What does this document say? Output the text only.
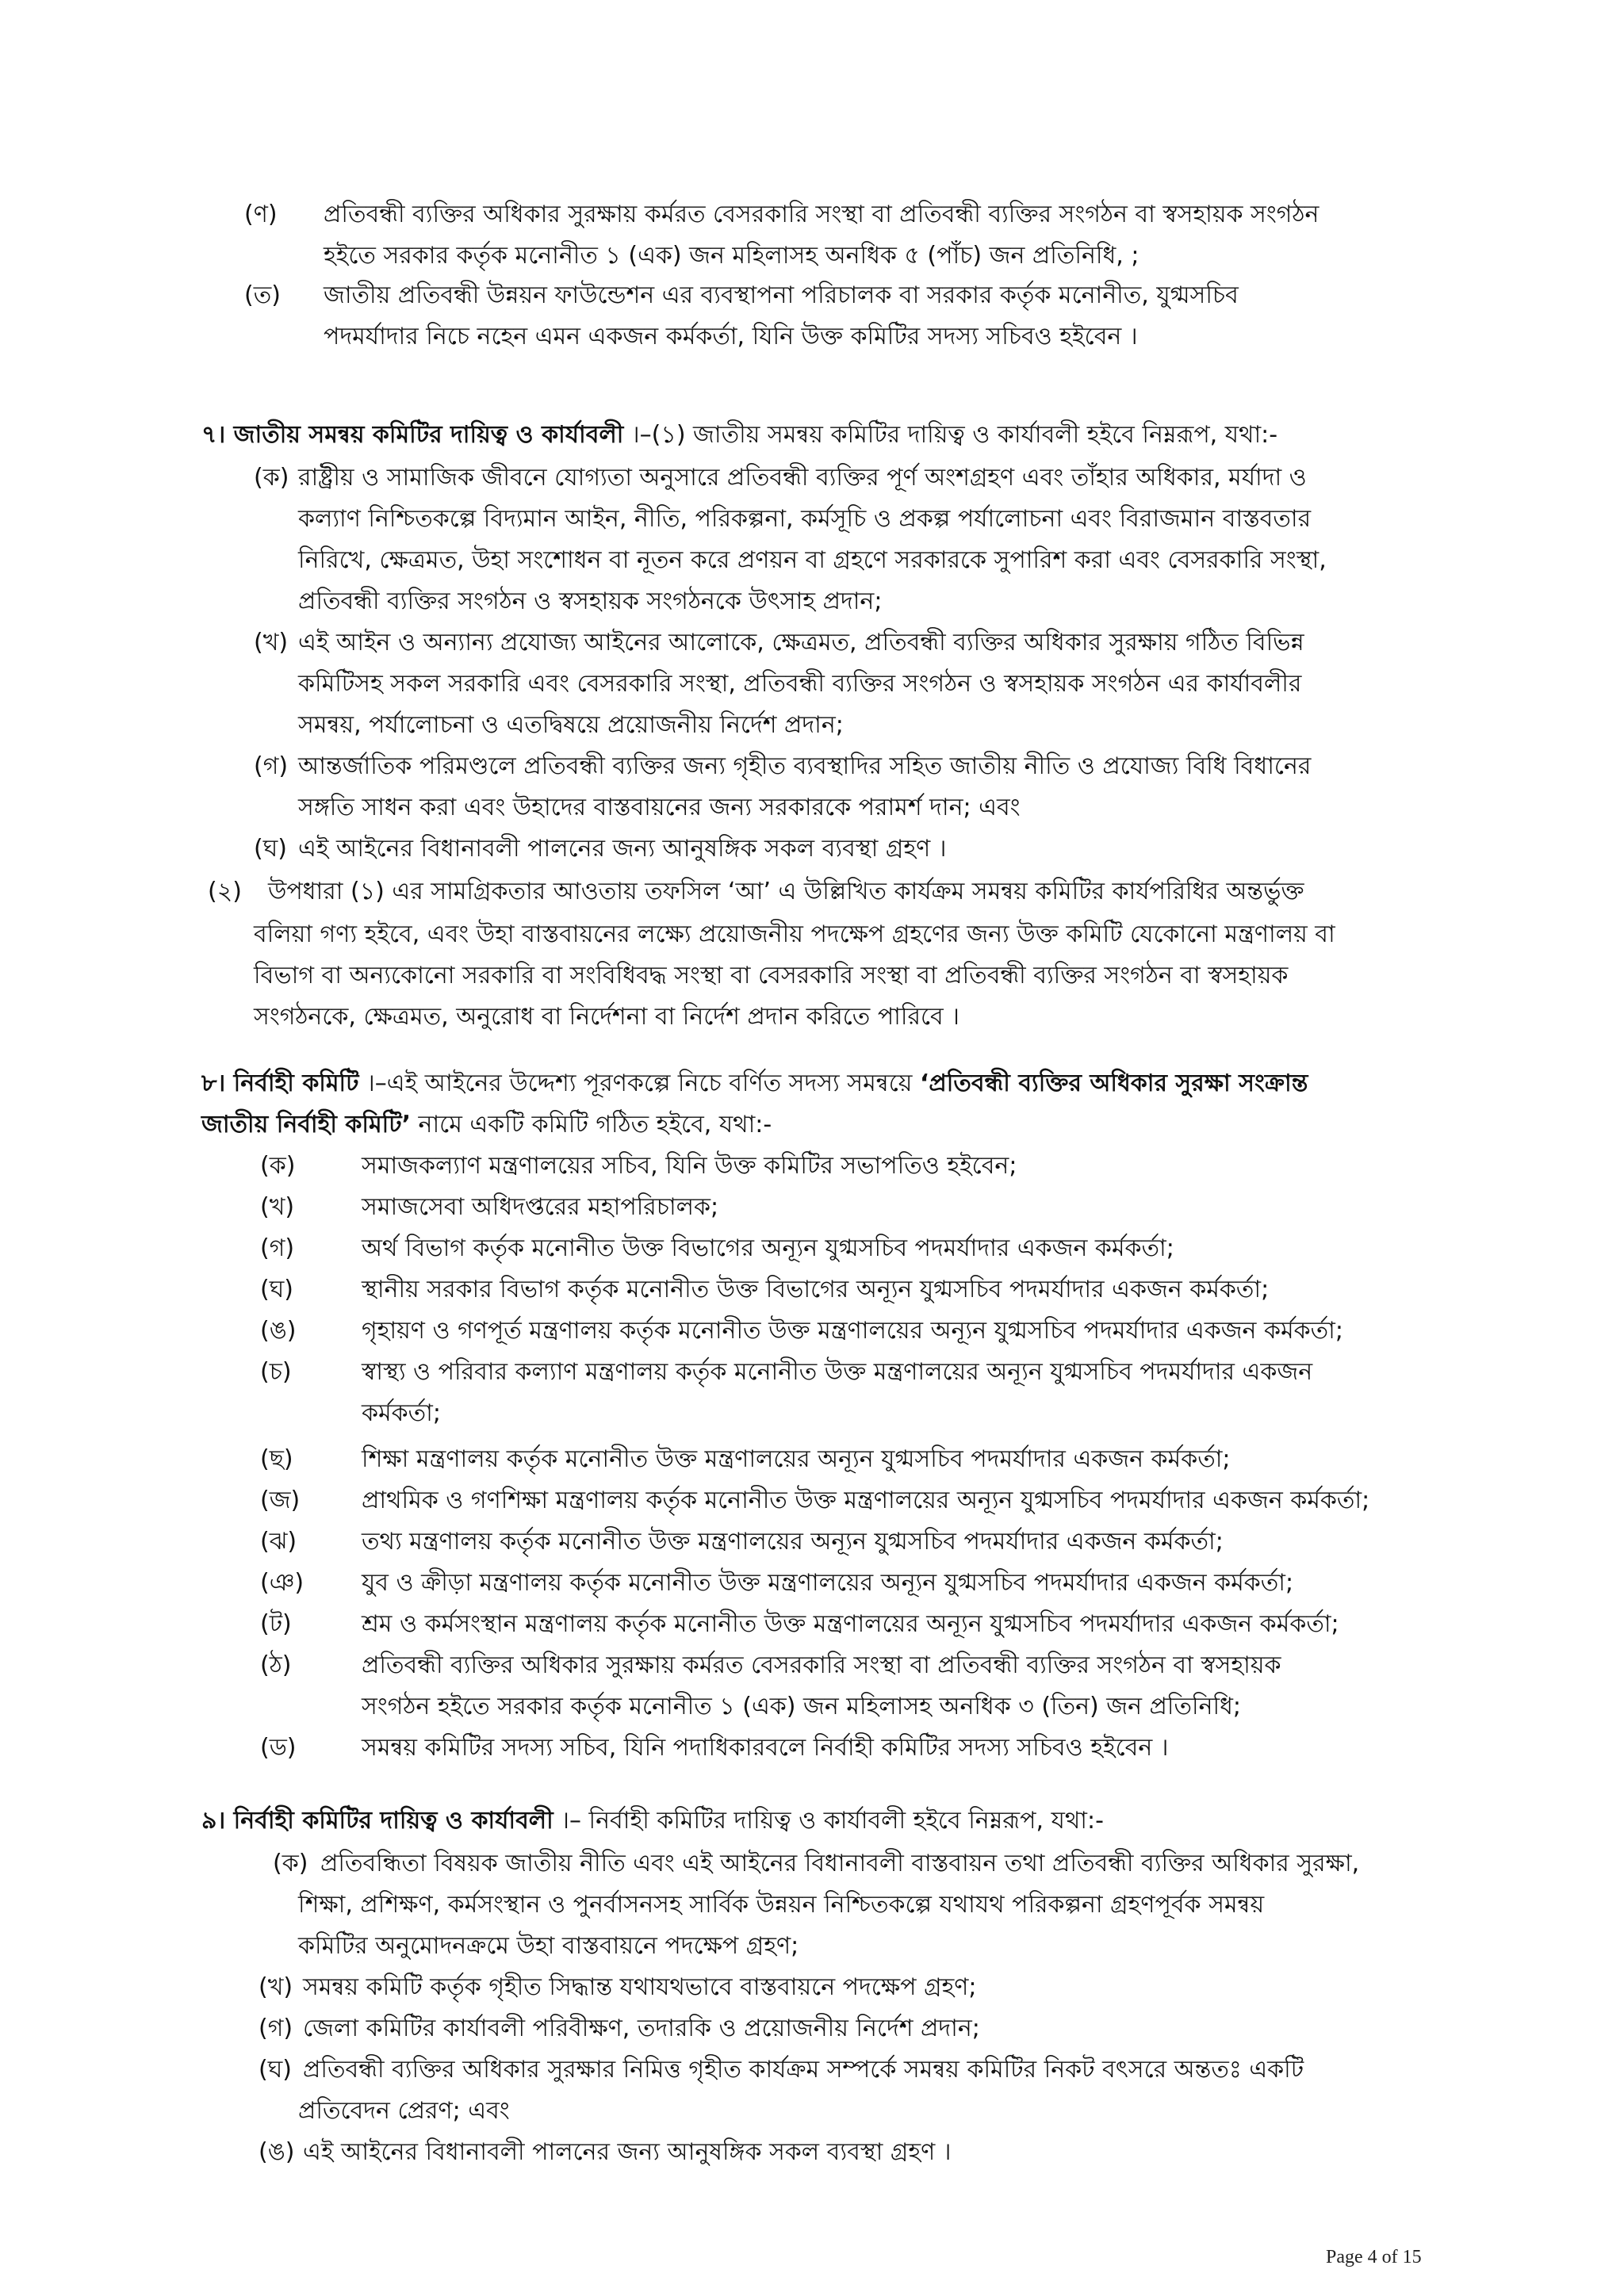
(ণ) প্রতিবন্ধী ব্যক্তির অধিকার সুরক্ষায় কর্মরত বেসরকারি সংস্থা বা প্রতিবন্ধী ব্যক্তির সংগঠন বা স্বসহায়ক সংগঠন
হইতে সরকার কর্তৃক মনোনীত ১ (এক) জন মহিলাসহ অনধিক ৫ (পাঁচ) জন প্রতিনিধি, ;
(ত) জাতীয় প্রতিবন্ধী উন্নয়ন ফাউন্ডেশন এর ব্যবস্থাপনা পরিচালক বা সরকার কর্তৃক মনোনীত, যুগ্মসচিব
পদমর্যাদার নিচে নহেন এমন একজন কর্মকর্তা, যিনি উক্ত কমিটির সদস্য সচিবও হইবেন ।
৭। জাতীয় সমন্বয় কমিটির দায়িত্ব ও কার্যাবলী ।–(১) জাতীয় সমন্বয় কমিটির দায়িত্ব ও কার্যাবলী হইবে নিম্নরূপ, যথা:-
(ক) রাষ্ট্রীয় ও সামাজিক জীবনে যোগ্যতা অনুসারে প্রতিবন্ধী ব্যক্তির পূর্ণ অংশগ্রহণ এবং তাঁহার অধিকার, মর্যাদা ও
কল্যাণ নিশ্চিতকল্পে বিদ্যমান আইন, নীতি, পরিকল্পনা, কর্মসূচি ও প্রকল্প পর্যালোচনা এবং বিরাজমান বাস্তবতার
নিরিখে, ক্ষেত্রমত, উহা সংশোধন বা নূতন করে প্রণয়ন বা গ্রহণে সরকারকে সুপারিশ করা এবং বেসরকারি সংস্থা,
প্রতিবন্ধী ব্যক্তির সংগঠন ও স্বসহায়ক সংগঠনকে উৎসাহ প্রদান;
(খ) এই আইন ও অন্যান্য প্রযোজ্য আইনের আলোকে, ক্ষেত্রমত, প্রতিবন্ধী ব্যক্তির অধিকার সুরক্ষায় গঠিত বিভিন্ন
কমিটিসহ সকল সরকারি এবং বেসরকারি সংস্থা, প্রতিবন্ধী ব্যক্তির সংগঠন ও স্বসহায়ক সংগঠন এর কার্যাবলীর
সমন্বয়, পর্যালোচনা ও এতদ্বিষয়ে প্রয়োজনীয় নির্দেশ প্রদান;
(গ) আন্তর্জাতিক পরিমণ্ডলে প্রতিবন্ধী ব্যক্তির জন্য গৃহীত ব্যবস্থাদির সহিত জাতীয় নীতি ও প্রযোজ্য বিধি বিধানের
সঙ্গতি সাধন করা এবং উহাদের বাস্তবায়নের জন্য সরকারকে পরামর্শ দান; এবং
(ঘ) এই আইনের বিধানাবলী পালনের জন্য আনুষঙ্গিক সকল ব্যবস্থা গ্রহণ ।
(২) উপধারা (১) এর সামগ্রিকতার আওতায় তফসিল ‘আ’ এ উল্লিখিত কার্যক্রম সমন্বয় কমিটির কার্যপরিধির অন্তর্ভুক্ত
বলিয়া গণ্য হইবে, এবং উহা বাস্তবায়নের লক্ষ্যে প্রয়োজনীয় পদক্ষেপ গ্রহণের জন্য উক্ত কমিটি যেকোনো মন্ত্রণালয় বা
বিভাগ বা অন্যকোনো সরকারি বা সংবিধিবদ্ধ সংস্থা বা বেসরকারি সংস্থা বা প্রতিবন্ধী ব্যক্তির সংগঠন বা স্বসহায়ক
সংগঠনকে, ক্ষেত্রমত, অনুরোধ বা নির্দেশনা বা নির্দেশ প্রদান করিতে পারিবে ।
৮। নির্বাহী কমিটি ।–এই আইনের উদ্দেশ্য পূরণকল্পে নিচে বর্ণিত সদস্য সমন্বয়ে ‘প্রতিবন্ধী ব্যক্তির অধিকার সুরক্ষা সংক্রান্ত
জাতীয় নির্বাহী কমিটি’ নামে একটি কমিটি গঠিত হইবে, যথা:-
(ক)	সমাজকল্যাণ মন্ত্রণালয়ের সচিব, যিনি উক্ত কমিটির সভাপতিও হইবেন;
(খ)	সমাজসেবা অধিদপ্তরের মহাপরিচালক;
(গ)	অর্থ বিভাগ কর্তৃক মনোনীত উক্ত বিভাগের অন্যূন যুগ্মসচিব পদমর্যাদার একজন কর্মকর্তা;
(ঘ)	স্থানীয় সরকার বিভাগ কর্তৃক মনোনীত উক্ত বিভাগের অন্যূন যুগ্মসচিব পদমর্যাদার একজন কর্মকর্তা;
(ঙ)	গৃহায়ণ ও গণপূর্ত মন্ত্রণালয় কর্তৃক মনোনীত উক্ত মন্ত্রণালয়ের অন্যূন যুগ্মসচিব পদমর্যাদার একজন কর্মকর্তা;
(চ)	স্বাস্থ্য ও পরিবার কল্যাণ মন্ত্রণালয় কর্তৃক মনোনীত উক্ত মন্ত্রণালয়ের অন্যূন যুগ্মসচিব পদমর্যাদার একজন
কর্মকর্তা;
(ছ)	শিক্ষা মন্ত্রণালয় কর্তৃক মনোনীত উক্ত মন্ত্রণালয়ের অন্যূন যুগ্মসচিব পদমর্যাদার একজন কর্মকর্তা;
(জ)	প্রাথমিক ও গণশিক্ষা মন্ত্রণালয় কর্তৃক মনোনীত উক্ত মন্ত্রণালয়ের অন্যূন যুগ্মসচিব পদমর্যাদার একজন কর্মকর্তা;
(ঝ)	তথ্য মন্ত্রণালয় কর্তৃক মনোনীত উক্ত মন্ত্রণালয়ের অন্যূন যুগ্মসচিব পদমর্যাদার একজন কর্মকর্তা;
(ঞ) যুব ও ক্রীড়া মন্ত্রণালয় কর্তৃক মনোনীত উক্ত মন্ত্রণালয়ের অন্যূন যুগ্মসচিব পদমর্যাদার একজন কর্মকর্তা;
(ট)	শ্রম ও কর্মসংস্থান মন্ত্রণালয় কর্তৃক মনোনীত উক্ত মন্ত্রণালয়ের অন্যূন যুগ্মসচিব পদমর্যাদার একজন কর্মকর্তা;
(ঠ)	প্রতিবন্ধী ব্যক্তির অধিকার সুরক্ষায় কর্মরত বেসরকারি সংস্থা বা প্রতিবন্ধী ব্যক্তির সংগঠন বা স্বসহায়ক
সংগঠন হইতে সরকার কর্তৃক মনোনীত ১ (এক) জন মহিলাসহ অনধিক ৩ (তিন) জন প্রতিনিধি;
(ড)	সমন্বয় কমিটির সদস্য সচিব, যিনি পদাধিকারবলে নির্বাহী কমিটির সদস্য সচিবও হইবেন ।
৯। নির্বাহী কমিটির দায়িত্ব ও কার্যাবলী ।– নির্বাহী কমিটির দায়িত্ব ও কার্যাবলী হইবে নিম্নরূপ, যথা:-
(ক) প্রতিবন্ধিতা বিষয়ক জাতীয় নীতি এবং এই আইনের বিধানাবলী বাস্তবায়ন তথা প্রতিবন্ধী ব্যক্তির অধিকার সুরক্ষা,
শিক্ষা, প্রশিক্ষণ, কর্মসংস্থান ও পুনর্বাসনসহ সার্বিক উন্নয়ন নিশ্চিতকল্পে যথাযথ পরিকল্পনা গ্রহণপূর্বক সমন্বয়
কমিটির অনুমোদনক্রমে উহা বাস্তবায়নে পদক্ষেপ গ্রহণ;
(খ) সমন্বয় কমিটি কর্তৃক গৃহীত সিদ্ধান্ত যথাযথভাবে বাস্তবায়নে পদক্ষেপ গ্রহণ;
(গ) জেলা কমিটির কার্যাবলী পরিবীক্ষণ, তদারকি ও প্রয়োজনীয় নির্দেশ প্রদান;
(ঘ) প্রতিবন্ধী ব্যক্তির অধিকার সুরক্ষার নিমিত্ত গৃহীত কার্যক্রম সম্পর্কে সমন্বয় কমিটির নিকট বৎসরে অন্ততঃ একটি
প্রতিবেদন প্রেরণ; এবং
(ঙ) এই আইনের বিধানাবলী পালনের জন্য আনুষঙ্গিক সকল ব্যবস্থা গ্রহণ ।
Page 4 of 15
